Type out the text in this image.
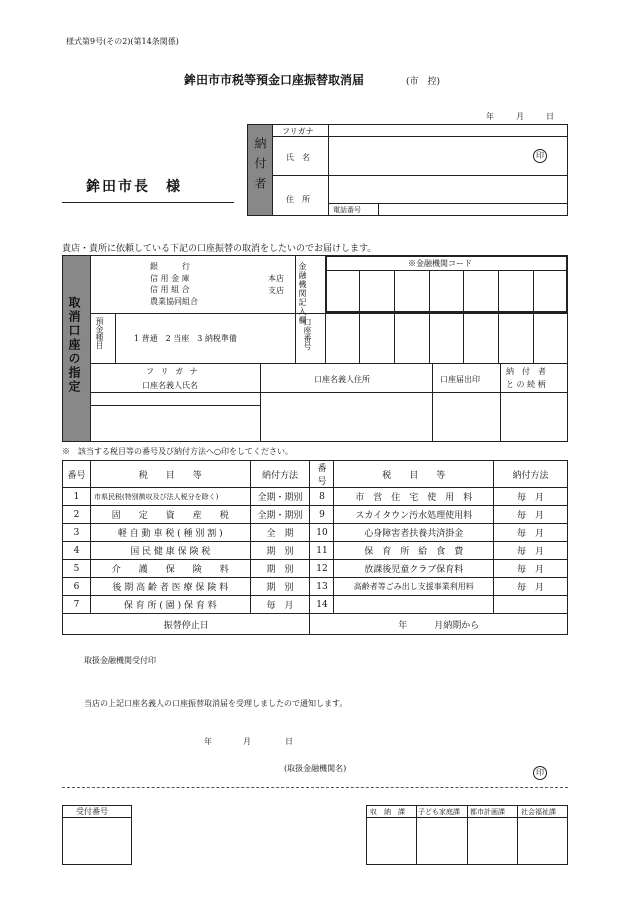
様式第9号(その2)(第14条関係)
鉾田市市税等預金口座振替取消届	(市　控)
年	月	日
鉾田市長　様	納付者
フリガナ
氏　名
住　所
電話番号
印
貴店・貴所に依頼している下記の口座振替の取消をしたいのでお届けします。
取消口座の指定
銀　　　行
信 用 金 庫
信 用 組 合
農業協同組合
本店
支店 金融機関記入欄	※金融機関コード
預金種目	1 普通　2 当座　3 納税準備	口座番号
フ リ ガ ナ
口座名義人氏名
口座名義人住所	口座届出印
納　付　者
と の 続 柄
※　該当する税目等の番号及び納付方法へ○印をしてください。
番号	税　　目　　等	納付方法	番号	税　　目　　等	納付方法
1	市県民税(特別徴収及び法人税分を除く)	全期・期別	8	市　営　住　宅　使　用　料	毎　月
2	固　　定　　資　　産　　税	全期・期別	9	スカイタウン汚水処理使用料	毎　月
3	軽 自 動 車 税 ( 種 別 割 )	全　期	10	心身障害者扶養共済掛金	毎　月
4	国 民 健 康 保 険 税	期　別	11	保　育　所　給　食　費	毎　月
5	介　　護　　保　　険　　料	期　別	12	放課後児童クラブ保育料	毎　月
6	後 期 高 齢 者 医 療 保 険 料	期　別	13	高齢者等ごみ出し支援事業利用料	毎　月
7	保 育 所 ( 園 ) 保 育 料	毎　月	14		
振替停止日			年　　　月納期から		
取扱金融機関受付印
当店の上記口座名義人の口座振替取消届を受理しましたので通知します。
年	月	日
(取扱金融機関名)	印
受付番号	収　納　課 子ども家庭課 都市計画課 社会福祉課
